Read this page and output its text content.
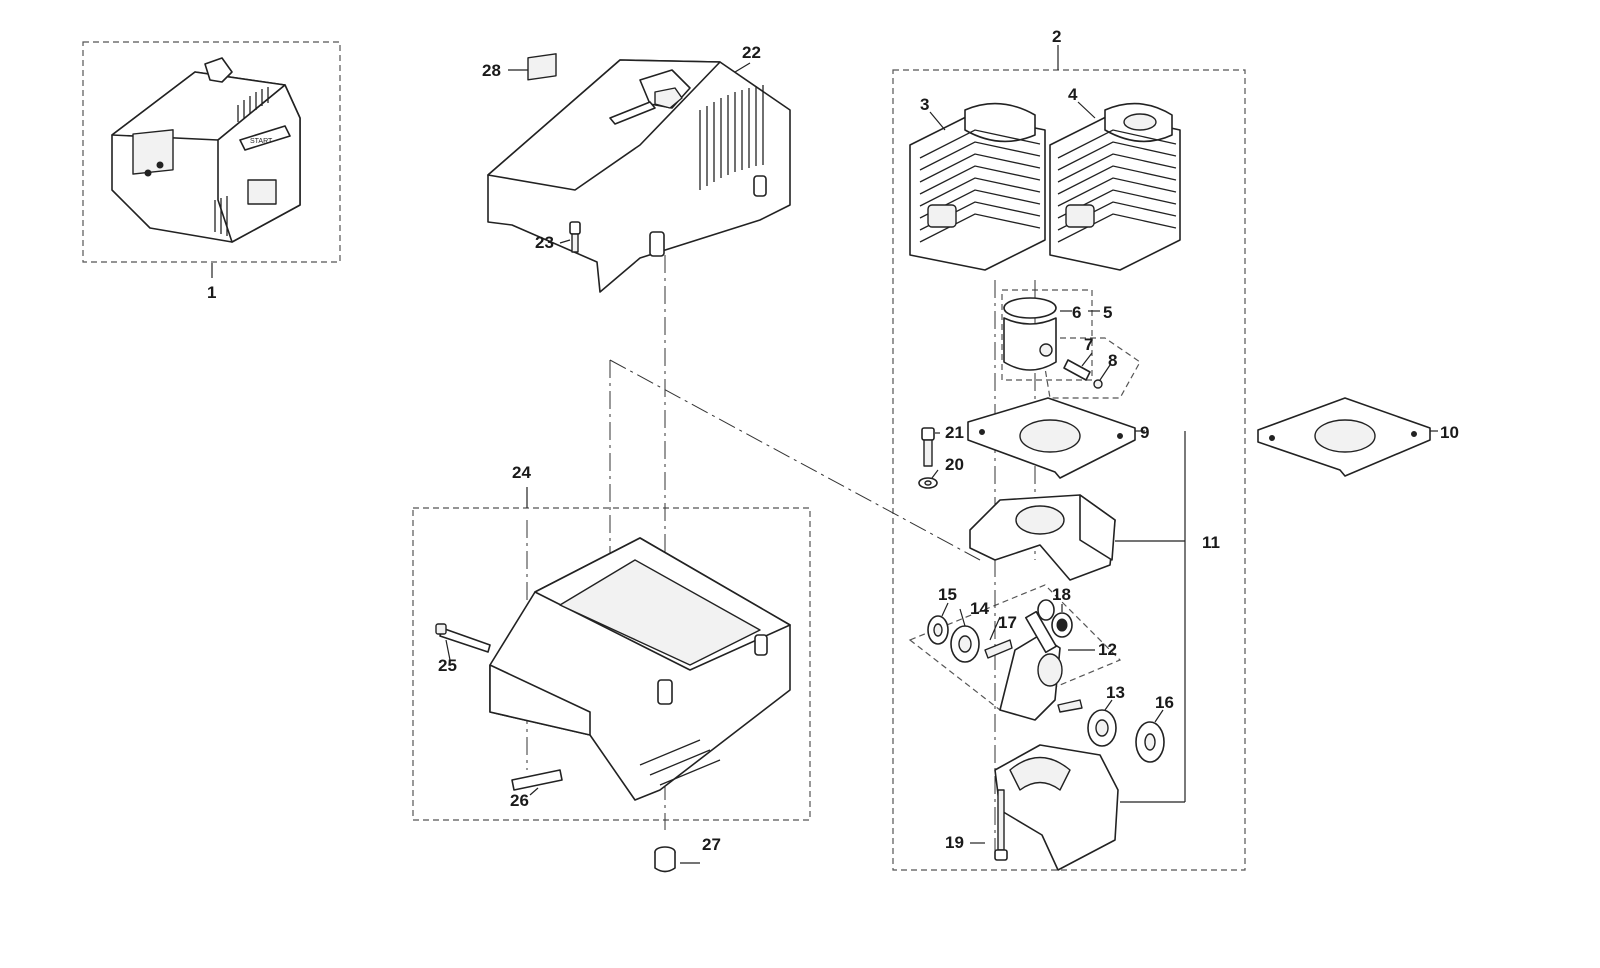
START
1
2
3
4
5
6
7
8
9	10
11
12
13
14
15
16
17
18
19
20
21
22
23
24
25
26
27
28
